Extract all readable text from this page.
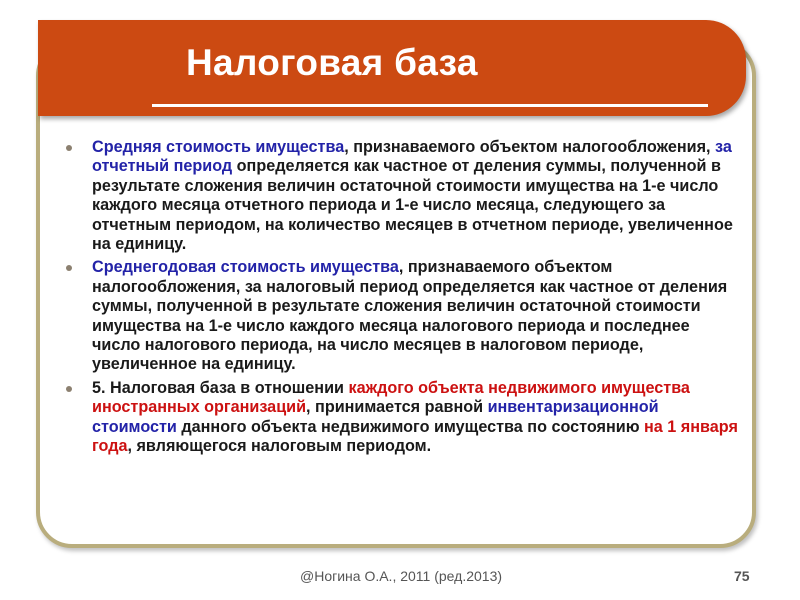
Налоговая база
Средняя стоимость имущества, признаваемого объектом налогообложения, за отчетный период определяется как частное от деления суммы, полученной в результате сложения величин остаточной стоимости имущества на 1-е число каждого месяца отчетного периода и 1-е число месяца, следующего за отчетным периодом, на количество месяцев в отчетном периоде, увеличенное на единицу.
Среднегодовая стоимость имущества, признаваемого объектом налогообложения, за налоговый период определяется как частное от деления суммы, полученной в результате сложения величин остаточной стоимости имущества на 1-е число каждого месяца налогового периода и последнее число налогового периода, на число месяцев в налоговом периоде, увеличенное на единицу.
5. Налоговая база в отношении каждого объекта недвижимого имущества иностранных организаций, принимается равной инвентаризационной стоимости данного объекта недвижимого имущества по состоянию на 1 января года, являющегося налоговым периодом.
@Ногина О.А., 2011 (ред.2013)	75
